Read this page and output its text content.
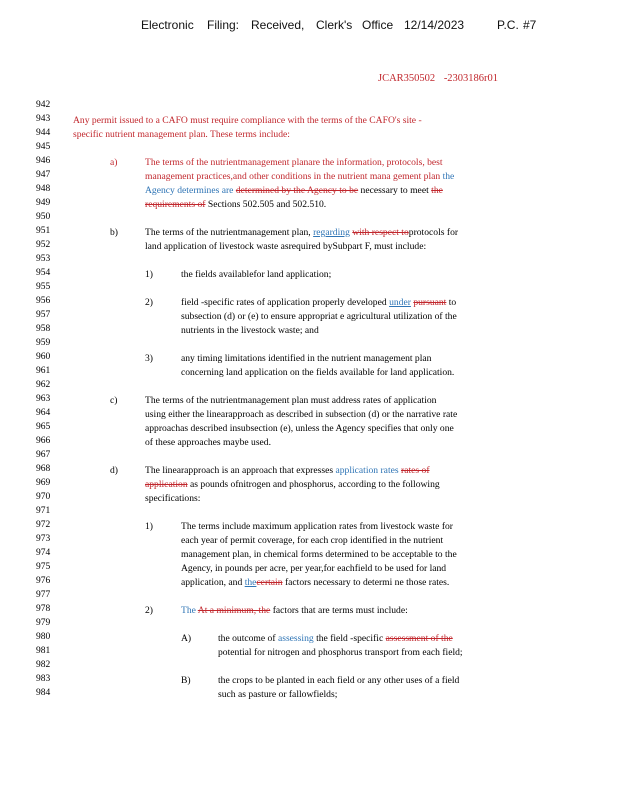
Electronic Filing: Received, Clerk's Office 12/14/2023	P.C. #7
JCAR350502 -2303186r01
942
943
944
945
946
947
948
949
950
951
952
953
954
955
956
957
958
959
960
961
962
963
964
965
966
967
968
969
970
971
972
973
974
975
976
977
978
979
980
981
982
983
984
Any permit issued to a CAFO must require compliance with the terms of the CAFO's site -
specific nutrient management plan. These terms include:
a)	The terms of the nutrientmanagement planare the information, protocols, best
management practices,and other conditions in the nutrient mana gement plan the
Agency determines are determined by the Agency to be necessary to meet the
requirements of Sections 502.505 and 502.510.
b)	The terms of the nutrientmanagement plan, regarding with respect toprotocols for
land application of livestock waste asrequired bySubpart F, must include:
1)	the fields availablefor land application;
2)	field -specific rates of application properly developed under pursuant to
subsection (d) or (e) to ensure appropriat e agricultural utilization of the
nutrients in the livestock waste; and
3)	any timing limitations identified in the nutrient management plan
concerning land application on the fields available for land application.
c)	The terms of the nutrientmanagement plan must address rates of application
using either the linearapproach as described in subsection (d) or the narrative rate
approachas described insubsection (e), unless the Agency specifies that only one
of these approaches maybe used.
d)	The linearapproach is an approach that expresses application rates rates of
application as pounds ofnitrogen and phosphorus, according to the following
specifications:
1)	The terms include maximum application rates from livestock waste for
each year of permit coverage, for each crop identified in the nutrient
management plan, in chemical forms determined to be acceptable to the
Agency, in pounds per acre, per year,for eachfield to be used for land
application, and thecertain factors necessary to determi ne those rates.
2)	The At a minimum, the factors that are terms must include:
A)	the outcome of assessing the field -specific assessment of the
potential for nitrogen and phosphorus transport from each field;
B)	the crops to be planted in each field or any other uses of a field
such as pasture or fallowfields;
